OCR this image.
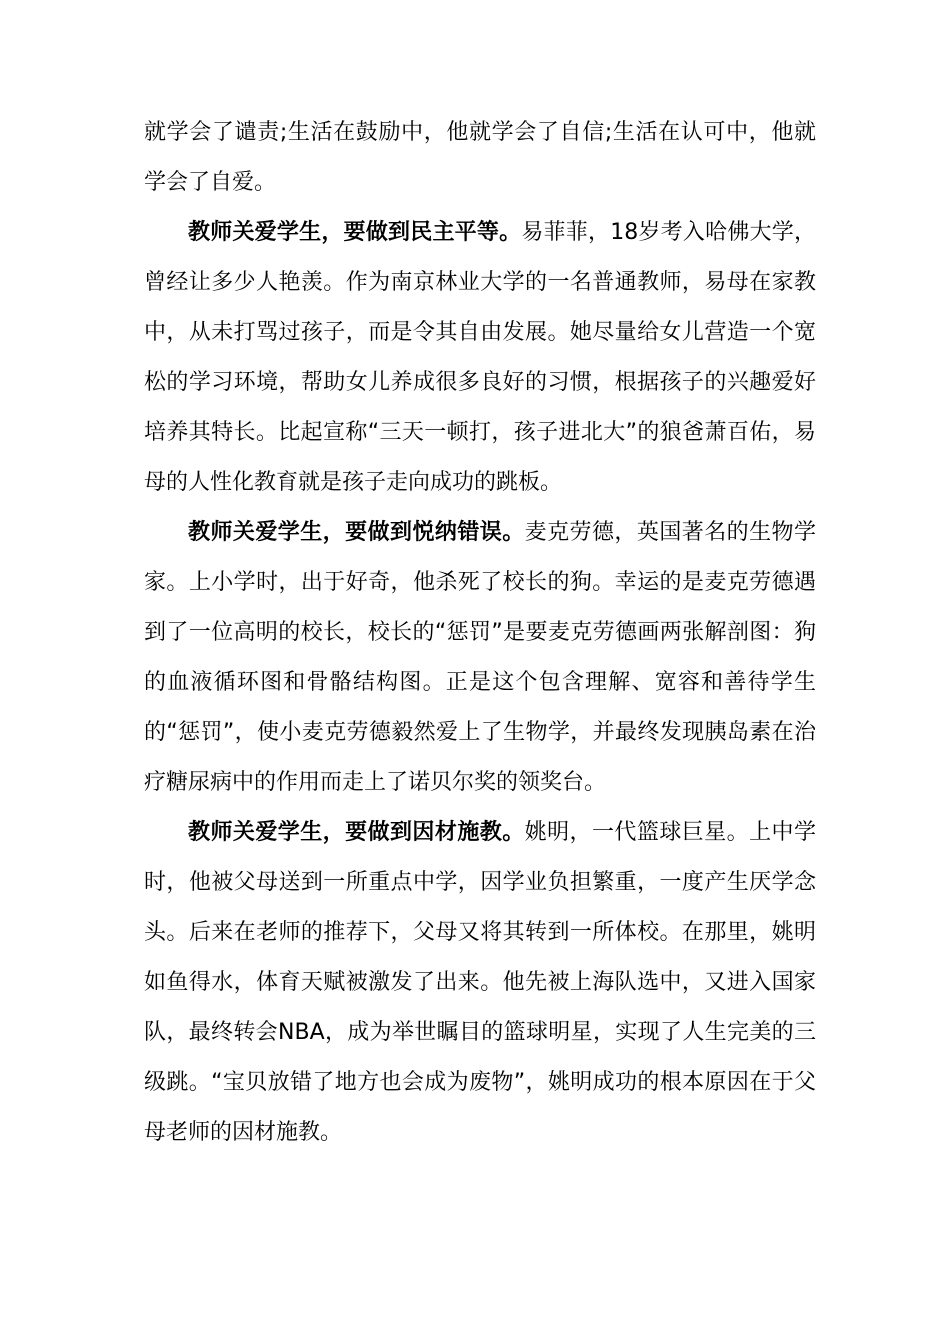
就学会了谴责;生活在鼓励中，他就学会了自信;生活在认可中，他就学会了自爱。

教师关爱学生，要做到民主平等。易菲菲，18岁考入哈佛大学，曾经让多少人艳羡。作为南京林业大学的一名普通教师，易母在家教中，从未打骂过孩子，而是令其自由发展。她尽量给女儿营造一个宽松的学习环境，帮助女儿养成很多良好的习惯，根据孩子的兴趣爱好培养其特长。比起宣称“三天一顿打，孩子进北大”的狼爸萧百佑，易母的人性化教育就是孩子走向成功的跳板。

教师关爱学生，要做到悦纳错误。麦克劳德，英国著名的生物学家。上小学时，出于好奇，他杀死了校长的狗。幸运的是麦克劳德遇到了一位高明的校长，校长的“惩罚”是要麦克劳德画两张解剖图：狗的血液循环图和骨骼结构图。正是这个包含理解、宽容和善待学生的“惩罚”，使小麦克劳德毅然爱上了生物学，并最终发现胰岛素在治疗糖尿病中的作用而走上了诺贝尔奖的领奖台。

教师关爱学生，要做到因材施教。姚明，一代篮球巨星。上中学时，他被父母送到一所重点中学，因学业负担繁重，一度产生厌学念头。后来在老师的推荐下，父母又将其转到一所体校。在那里，姚明如鱼得水，体育天赋被激发了出来。他先被上海队选中，又进入国家队，最终转会NBA，成为举世瞩目的篮球明星，实现了人生完美的三级跳。“宝贝放错了地方也会成为废物”，姚明成功的根本原因在于父母老师的因材施教。
